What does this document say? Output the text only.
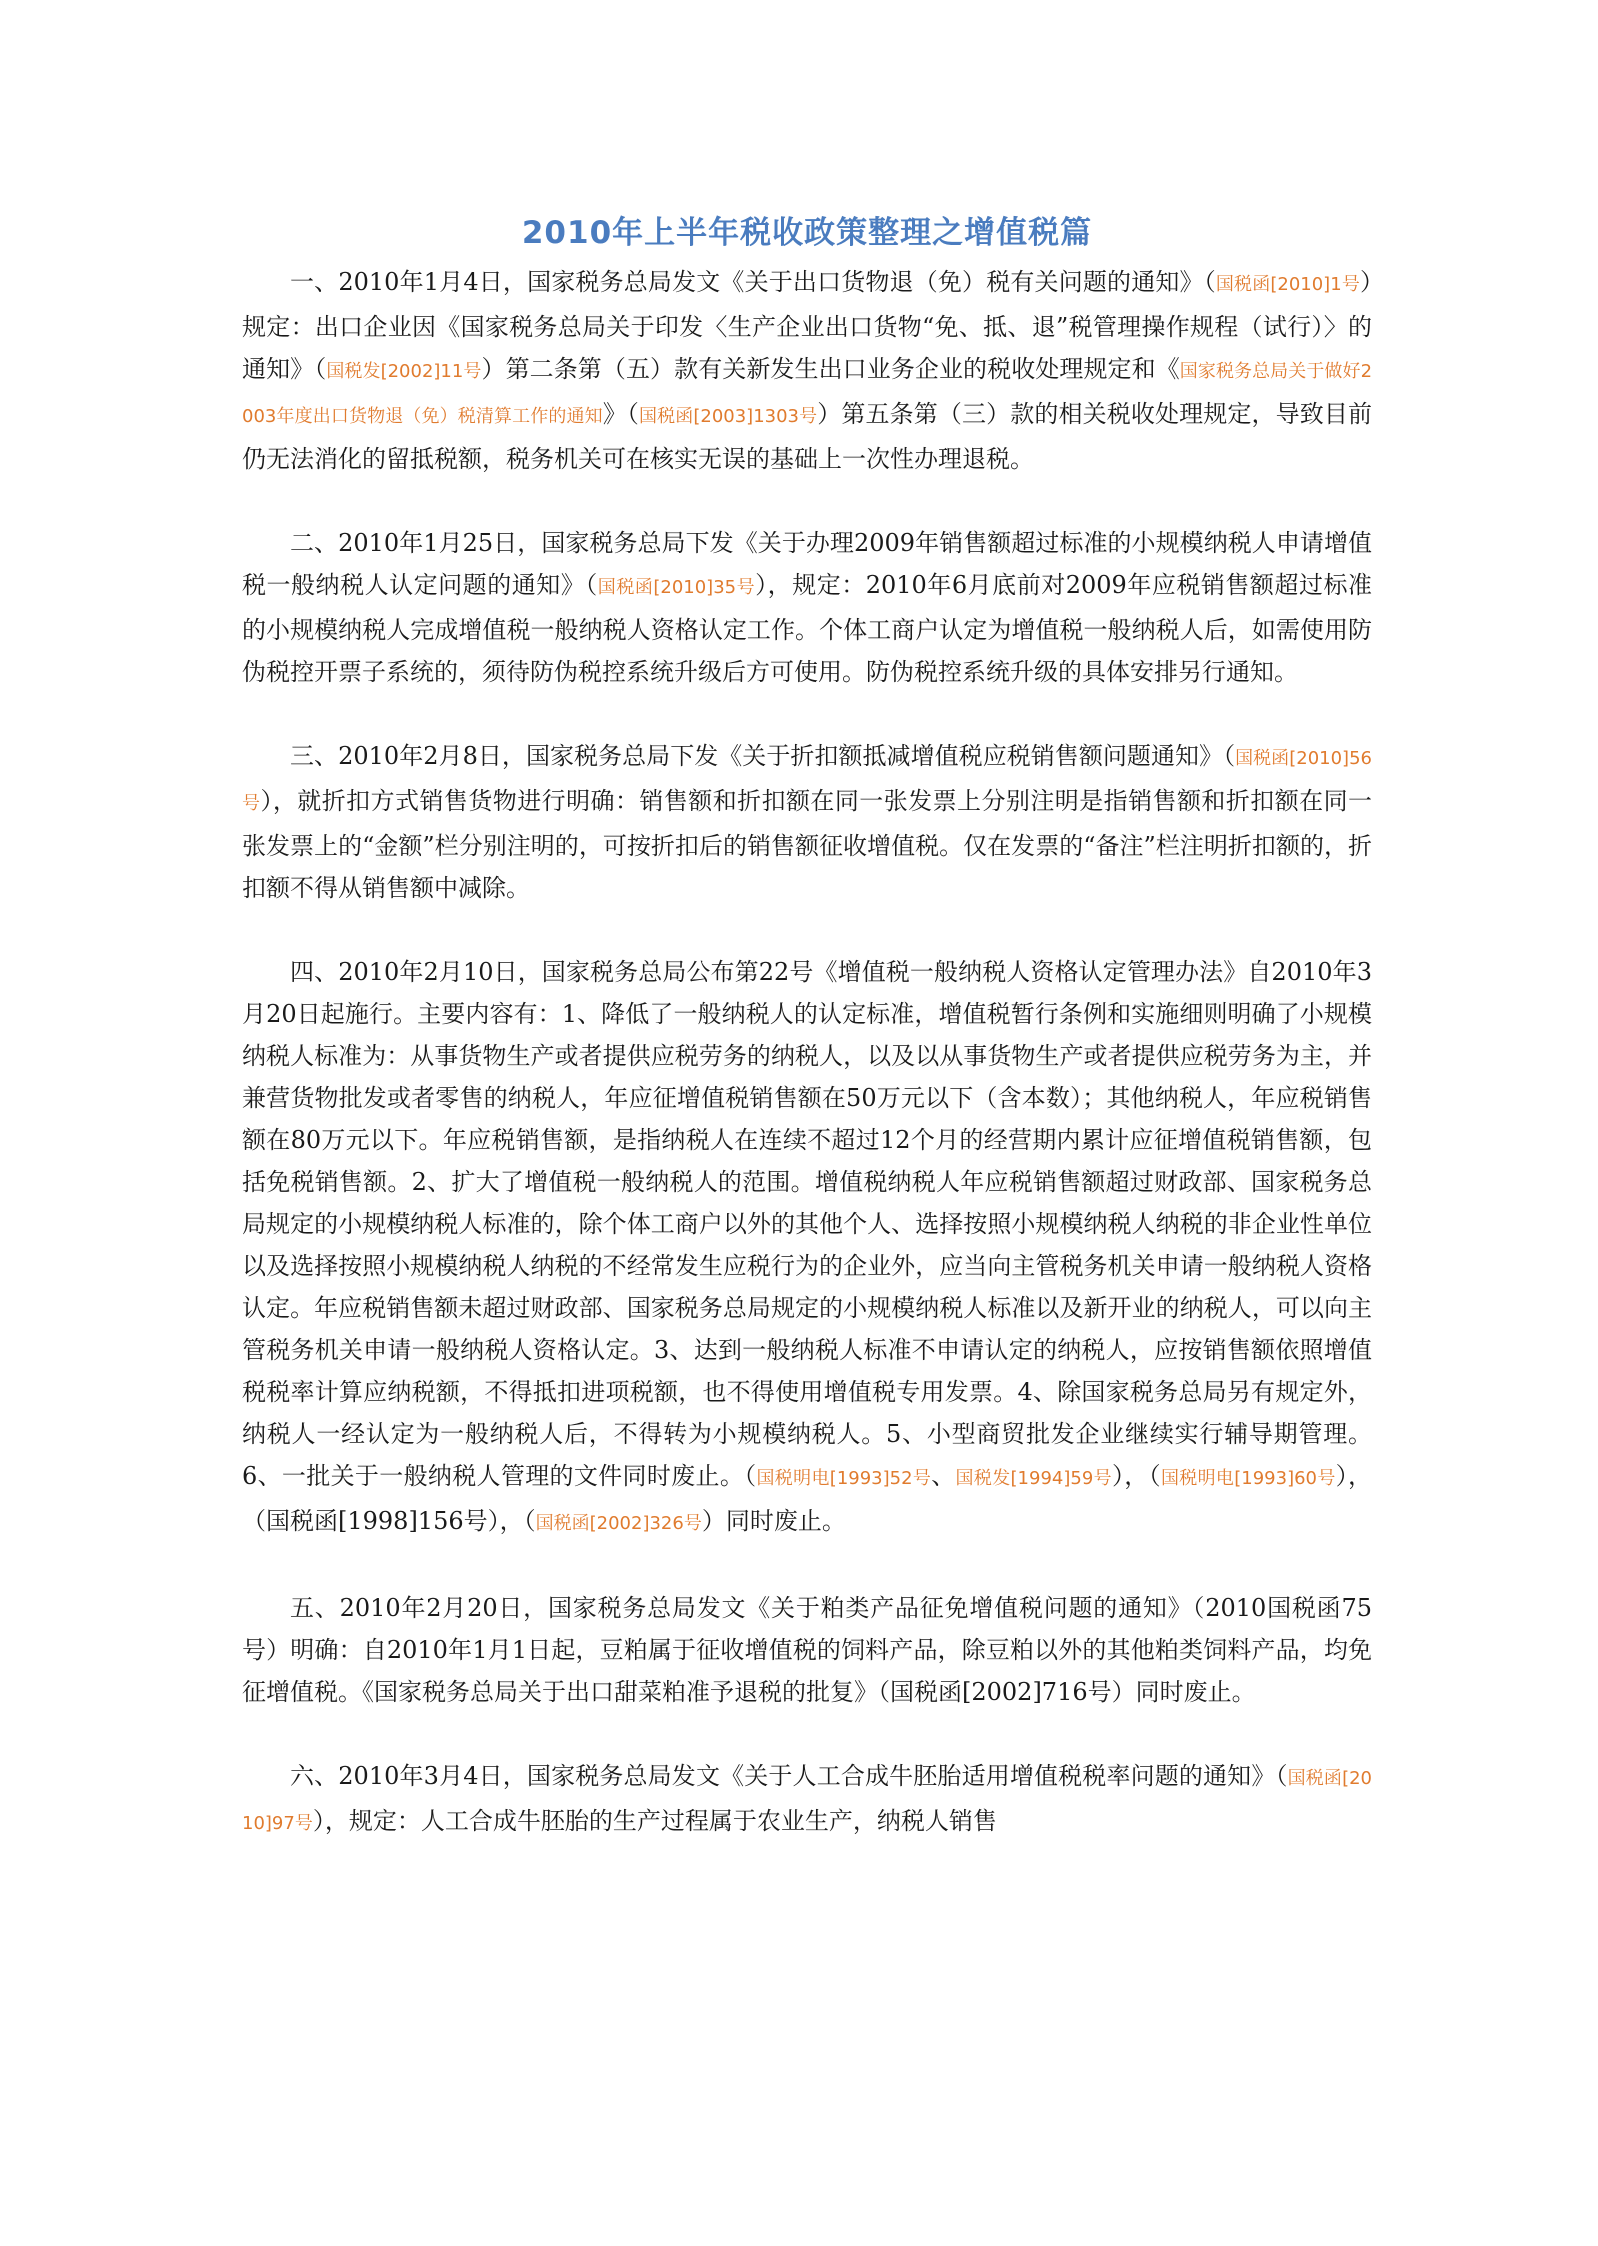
2010年上半年税收政策整理之增值税篇

一、2010年1月4日，国家税务总局发文《关于出口货物退（免）税有关问题的通知》（国税函[2010]1号）规定：出口企业因《国家税务总局关于印发〈生产企业出口货物“免、抵、退”税管理操作规程（试行）〉的通知》（国税发[2002]11号）第二条第（五）款有关新发生出口业务企业的税收处理规定和《国家税务总局关于做好2003年度出口货物退（免）税清算工作的通知》（国税函[2003]1303号）第五条第（三）款的相关税收处理规定，导致目前仍无法消化的留抵税额，税务机关可在核实无误的基础上一次性办理退税。

二、2010年1月25日，国家税务总局下发《关于办理2009年销售额超过标准的小规模纳税人申请增值税一般纳税人认定问题的通知》（国税函[2010]35号），规定：2010年6月底前对2009年应税销售额超过标准的小规模纳税人完成增值税一般纳税人资格认定工作。个体工商户认定为增值税一般纳税人后，如需使用防伪税控开票子系统的，须待防伪税控系统升级后方可使用。防伪税控系统升级的具体安排另行通知。

三、2010年2月8日，国家税务总局下发《关于折扣额抵减增值税应税销售额问题通知》（国税函[2010]56号），就折扣方式销售货物进行明确：销售额和折扣额在同一张发票上分别注明是指销售额和折扣额在同一张发票上的“金额”栏分别注明的，可按折扣后的销售额征收增值税。仅在发票的“备注”栏注明折扣额的，折扣额不得从销售额中减除。

四、2010年2月10日，国家税务总局公布第22号《增值税一般纳税人资格认定管理办法》自2010年3月20日起施行。主要内容有：1、降低了一般纳税人的认定标准，增值税暂行条例和实施细则明确了小规模纳税人标准为：从事货物生产或者提供应税劳务的纳税人，以及以从事货物生产或者提供应税劳务为主，并兼营货物批发或者零售的纳税人，年应征增值税销售额在50万元以下（含本数）；其他纳税人，年应税销售额在80万元以下。年应税销售额，是指纳税人在连续不超过12个月的经营期内累计应征增值税销售额，包括免税销售额。2、扩大了增值税一般纳税人的范围。增值税纳税人年应税销售额超过财政部、国家税务总局规定的小规模纳税人标准的，除个体工商户以外的其他个人、选择按照小规模纳税人纳税的非企业性单位以及选择按照小规模纳税人纳税的不经常发生应税行为的企业外，应当向主管税务机关申请一般纳税人资格认定。年应税销售额未超过财政部、国家税务总局规定的小规模纳税人标准以及新开业的纳税人，可以向主管税务机关申请一般纳税人资格认定。3、达到一般纳税人标准不申请认定的纳税人，应按销售额依照增值税税率计算应纳税额，不得抵扣进项税额，也不得使用增值税专用发票。4、除国家税务总局另有规定外，纳税人一经认定为一般纳税人后，不得转为小规模纳税人。5、小型商贸批发企业继续实行辅导期管理。6、一批关于一般纳税人管理的文件同时废止。（国税明电[1993]52号、国税发[1994]59号），（国税明电[1993]60号），（国税函[1998]156号），（国税函[2002]326号）同时废止。

五、2010年2月20日，国家税务总局发文《关于粕类产品征免增值税问题的通知》（2010国税函75号）明确：自2010年1月1日起，豆粕属于征收增值税的饲料产品，除豆粕以外的其他粕类饲料产品，均免征增值税。《国家税务总局关于出口甜菜粕准予退税的批复》（国税函[2002]716号）同时废止。

六、2010年3月4日，国家税务总局发文《关于人工合成牛胚胎适用增值税税率问题的通知》（国税函[2010]97号），规定：人工合成牛胚胎的生产过程属于农业生产，纳税人销售
